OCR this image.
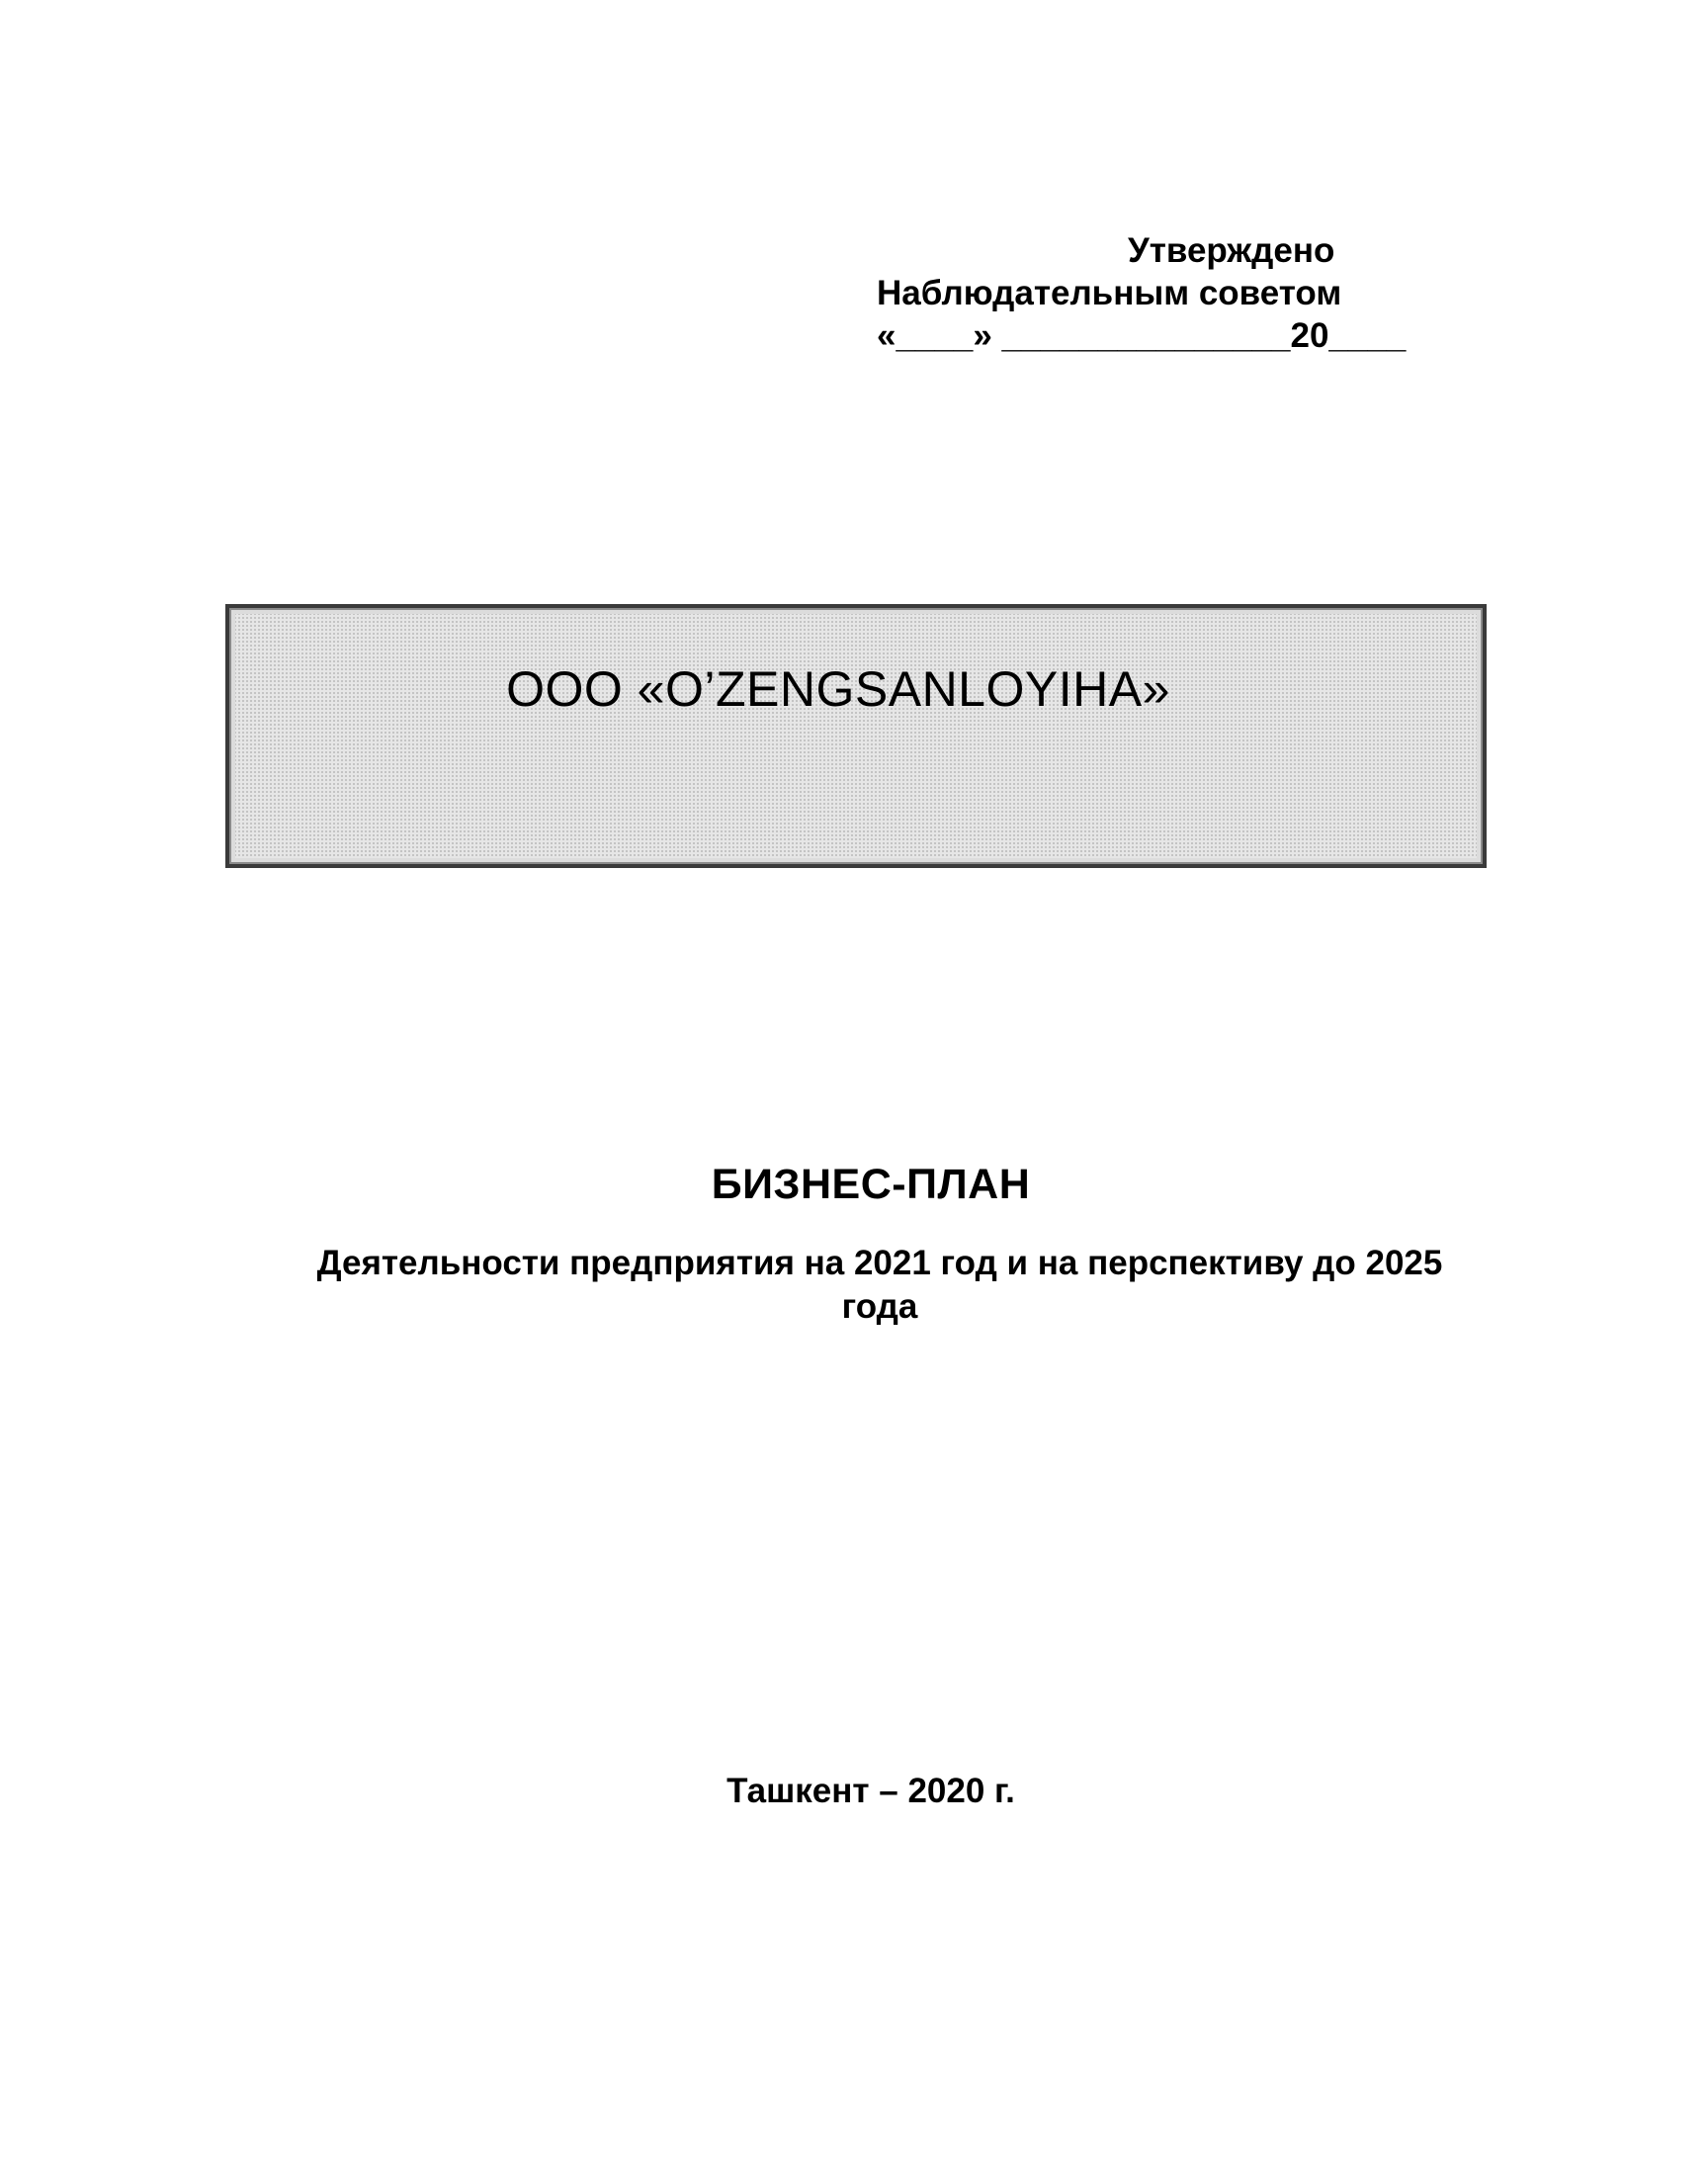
Утверждено
Наблюдательным советом
«____» _______________20____
ООО «O’ZENGSANLOYIHA»
БИЗНЕС-ПЛАН
Деятельности предприятия на 2021 год и на перспективу до 2025 года
Ташкент – 2020 г.
